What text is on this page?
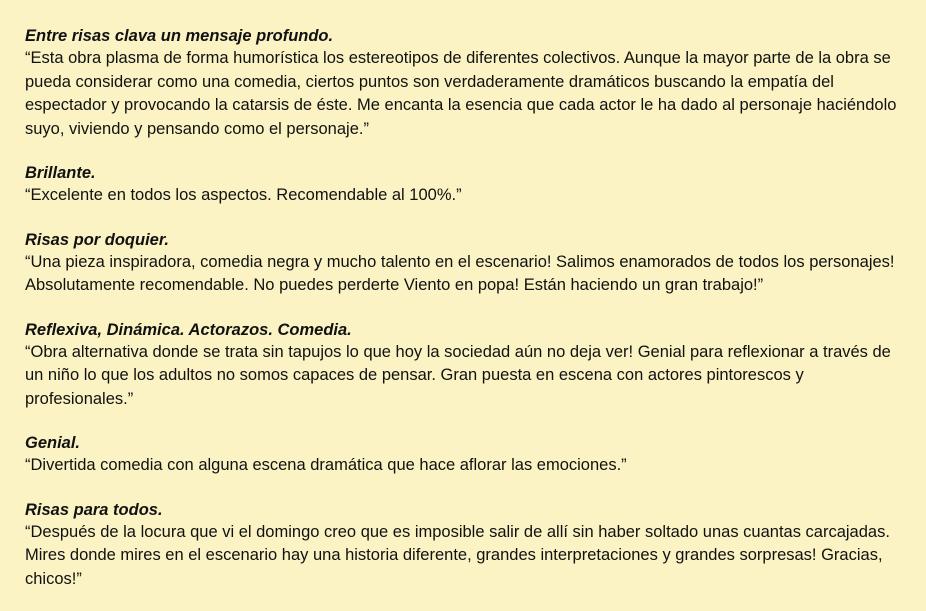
Entre risas clava un mensaje profundo.

“Esta obra plasma de forma humorística los estereotipos de diferentes colectivos. Aunque la mayor parte de la obra se pueda considerar como una comedia, ciertos puntos son verdaderamente dramáticos buscando la empatía del espectador y provocando la catarsis de éste. Me encanta la esencia que cada actor le ha dado al personaje haciéndolo suyo, viviendo y pensando como el personaje.”

Brillante.

“Excelente en todos los aspectos. Recomendable al 100%.”

Risas por doquier.

“Una pieza inspiradora, comedia negra y mucho talento en el escenario! Salimos enamorados de todos los personajes! Absolutamente recomendable. No puedes perderte Viento en popa! Están haciendo un gran trabajo!”

Reflexiva, Dinámica. Actorazos. Comedia.

“Obra alternativa donde se trata sin tapujos lo que hoy la sociedad aún no deja ver! Genial para reflexionar a través de un niño lo que los adultos no somos capaces de pensar. Gran puesta en escena con actores pintorescos y profesionales.”

Genial.

“Divertida comedia con alguna escena dramática que hace aflorar las emociones.”

Risas para todos.

“Después de la locura que vi el domingo creo que es imposible salir de allí sin haber soltado unas cuantas carcajadas. Mires donde mires en el escenario hay una historia diferente, grandes interpretaciones y grandes sorpresas! Gracias, chicos!”
